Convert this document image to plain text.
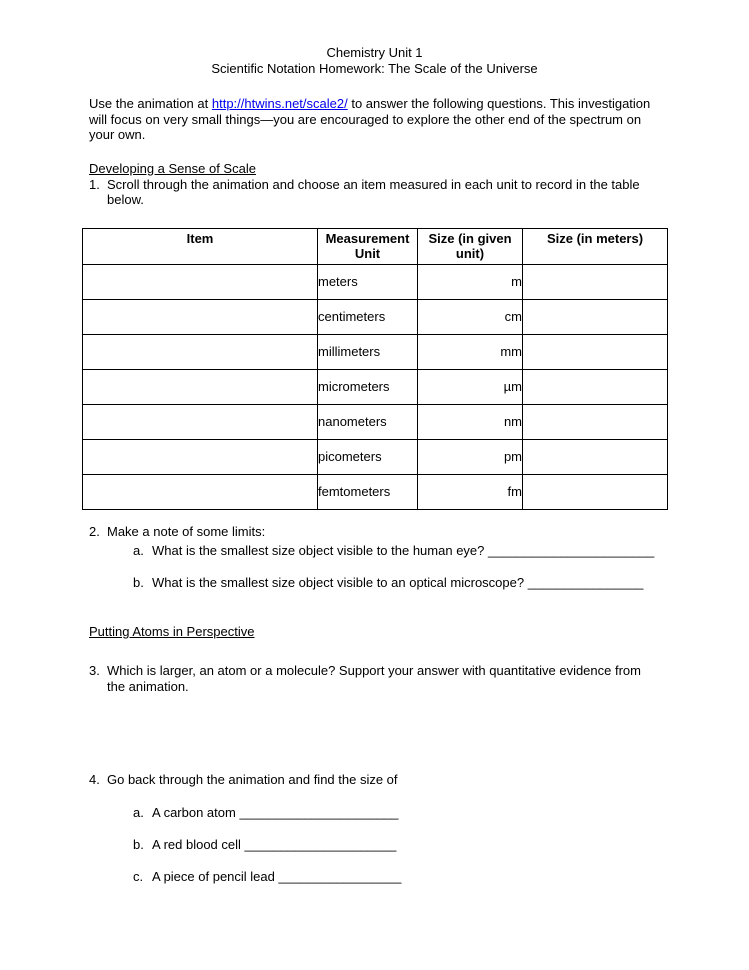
Chemistry Unit 1
Scientific Notation Homework: The Scale of the Universe

Use the animation at http://htwins.net/scale2/ to answer the following questions. This investigation will focus on very small things—you are encouraged to explore the other end of the spectrum on your own.

Developing a Sense of Scale
1. Scroll through the animation and choose an item measured in each unit to record in the table below.
Item	Measurement Unit	Size (in given unit)	Size (in meters)
	meters	m	
	centimeters	cm	
	millimeters	mm	
	micrometers	µm	
	nanometers	nm	
	picometers	pm	
	femtometers	fm	
2. Make a note of some limits:
a. What is the smallest size object visible to the human eye? _______________________
b. What is the smallest size object visible to an optical microscope? ________________
Putting Atoms in Perspective
3. Which is larger, an atom or a molecule? Support your answer with quantitative evidence from the animation.
4. Go back through the animation and find the size of
a. A carbon atom ______________________
b. A red blood cell _____________________
c. A piece of pencil lead _________________
